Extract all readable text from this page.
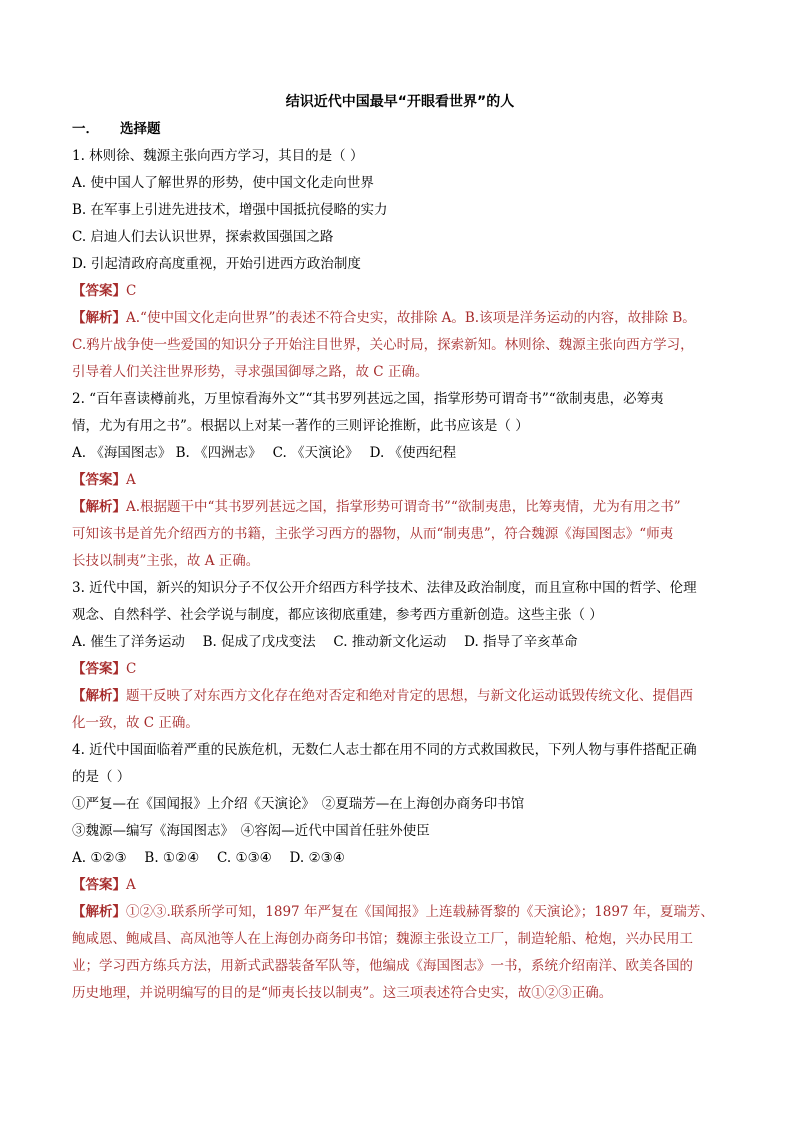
结识近代中国最早“开眼看世界”的人
一． 选择题
1. 林则徐、魏源主张向西方学习，其目的是（ ）
A. 使中国人了解世界的形势，使中国文化走向世界
B. 在军事上引进先进技术，增强中国抵抗侵略的实力
C. 启迪人们去认识世界，探索救国强国之路
D. 引起清政府高度重视，开始引进西方政治制度
【答案】C
【解析】A.“使中国文化走向世界”的表述不符合史实，故排除 A。B.该项是洋务运动的内容，故排除 B。
C.鸦片战争使一些爱国的知识分子开始注目世界，关心时局，探索新知。林则徐、魏源主张向西方学习，
引导着人们关注世界形势，寻求强国御辱之路，故 C 正确。
2. “百年喜读樽前兆，万里惊看海外文”“其书罗列甚远之国，指掌形势可谓奇书”“欲制夷患，必筹夷
情，尤为有用之书”。根据以上对某一著作的三则评论推断，此书应该是（ ）
A. 《海国图志》 B. 《四洲志》　 C. 《天演论》　 D. 《使西纪程
【答案】A
【解析】A.根据题干中“其书罗列甚远之国，指掌形势可谓奇书”“欲制夷患，比筹夷情，尤为有用之书”
可知该书是首先介绍西方的书籍，主张学习西方的器物，从而“制夷患”，符合魏源《海国图志》“师夷
长技以制夷”主张，故 A 正确。
3. 近代中国，新兴的知识分子不仅公开介绍西方科学技术、法律及政治制度，而且宣称中国的哲学、伦理
观念、自然科学、社会学说与制度，都应该彻底重建，参考西方重新创造。这些主张（ ）
A. 催生了洋务运动　 B. 促成了戊戌变法　 C. 推动新文化运动　 D. 指导了辛亥革命
【答案】C
【解析】题干反映了对东西方文化存在绝对否定和绝对肯定的思想，与新文化运动诋毁传统文化、提倡西
化一致，故 C 正确。
4. 近代中国面临着严重的民族危机，无数仁人志士都在用不同的方式救国救民，下列人物与事件搭配正确
的是（ ）
①严复—在《国闻报》上介绍《天演论》　②夏瑞芳—在上海创办商务印书馆
③魏源—编写《海国图志》　④容闳—近代中国首任驻外使臣
A. ①②③　 B. ①②④　 C. ①③④　 D. ②③④
【答案】A
【解析】①②③.联系所学可知，1897 年严复在《国闻报》上连载赫胥黎的《天演论》；1897 年，夏瑞芳、
鲍咸恩、鲍咸昌、高凤池等人在上海创办商务印书馆；魏源主张设立工厂，制造轮船、枪炮，兴办民用工
业；学习西方练兵方法，用新式武器装备军队等，他编成《海国图志》一书，系统介绍南洋、欧美各国的
历史地理，并说明编写的目的是“师夷长技以制夷”。这三项表述符合史实，故①②③正确。
